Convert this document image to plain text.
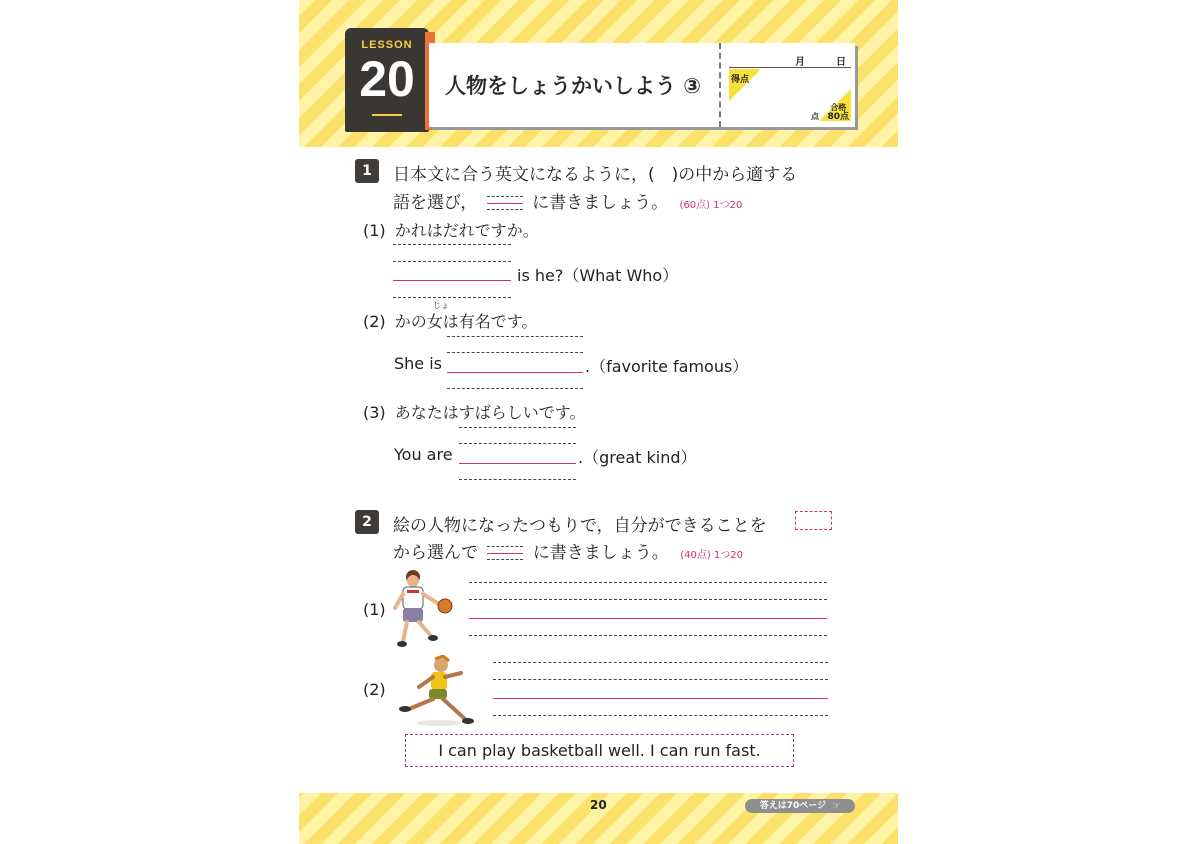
LESSON
20	人物をしょうかいしよう ③
月	日
得点
合格
80点
点
1	日本文に合う英文になるように，(　)の中から適する
語を選び，	に書きましょう。 (60点) 1つ20
(1) かれはだれですか。
is he?（What Who）
じょ
(2) かの女は有名です。
She is	.（favorite famous）
(3) あなたはすばらしいです。
You are	.（great kind）
2	絵の人物になったつもりで，自分ができることを
から選んで	に書きましょう。 (40点) 1つ20
(1)
(2)
I can play basketball well. I can run fast.
20	答えは70ページ ☞
